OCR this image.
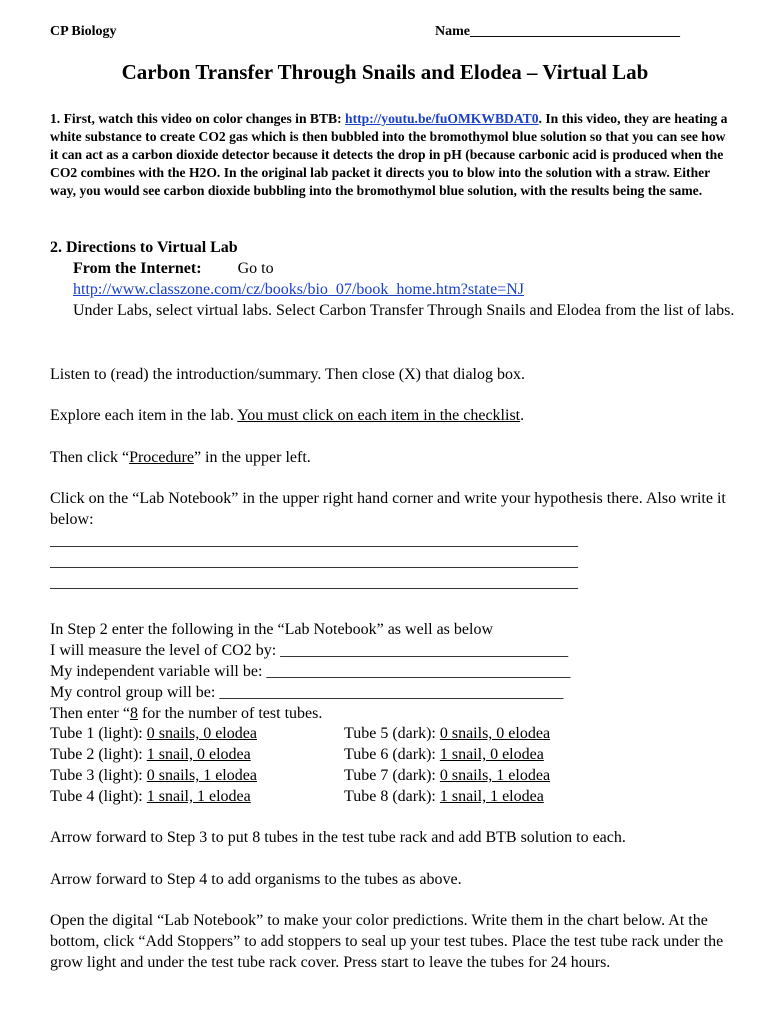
CP Biology	Name______________________________
Carbon Transfer Through Snails and Elodea – Virtual Lab
1. First, watch this video on color changes in BTB: http://youtu.be/fuOMKWBDAT0. In this video, they are heating a white substance to create CO2 gas which is then bubbled into the bromothymol blue solution so that you can see how it can act as a carbon dioxide detector because it detects the drop in pH (because carbonic acid is produced when the CO2 combines with the H2O. In the original lab packet it directs you to blow into the solution with a straw. Either way, you would see carbon dioxide bubbling into the bromothymol blue solution, with the results being the same.
2. Directions to Virtual Lab
From the Internet: Go to
http://www.classzone.com/cz/books/bio_07/book_home.htm?state=NJ
Under Labs, select virtual labs. Select Carbon Transfer Through Snails and Elodea from the list of labs.
Listen to (read) the introduction/summary. Then close (X) that dialog box.
Explore each item in the lab. You must click on each item in the checklist.
Then click “Procedure” in the upper left.
Click on the “Lab Notebook” in the upper right hand corner and write your hypothesis there. Also write it below:
__________________________________________________________________
__________________________________________________________________
__________________________________________________________________
In Step 2 enter the following in the “Lab Notebook” as well as below
I will measure the level of CO2 by: ____________________________________
My independent variable will be: ______________________________________
My control group will be: ___________________________________________
Then enter “8 for the number of test tubes.
Tube 1 (light): 0 snails, 0 elodea	Tube 5 (dark): 0 snails, 0 elodea
Tube 2 (light): 1 snail, 0 elodea	Tube 6 (dark): 1 snail, 0 elodea
Tube 3 (light): 0 snails, 1 elodea	Tube 7 (dark): 0 snails, 1 elodea
Tube 4 (light): 1 snail, 1 elodea	Tube 8 (dark): 1 snail, 1 elodea
Arrow forward to Step 3 to put 8 tubes in the test tube rack and add BTB solution to each.
Arrow forward to Step 4 to add organisms to the tubes as above.
Open the digital “Lab Notebook” to make your color predictions. Write them in the chart below. At the bottom, click “Add Stoppers” to add stoppers to seal up your test tubes. Place the test tube rack under the grow light and under the test tube rack cover. Press start to leave the tubes for 24 hours.
